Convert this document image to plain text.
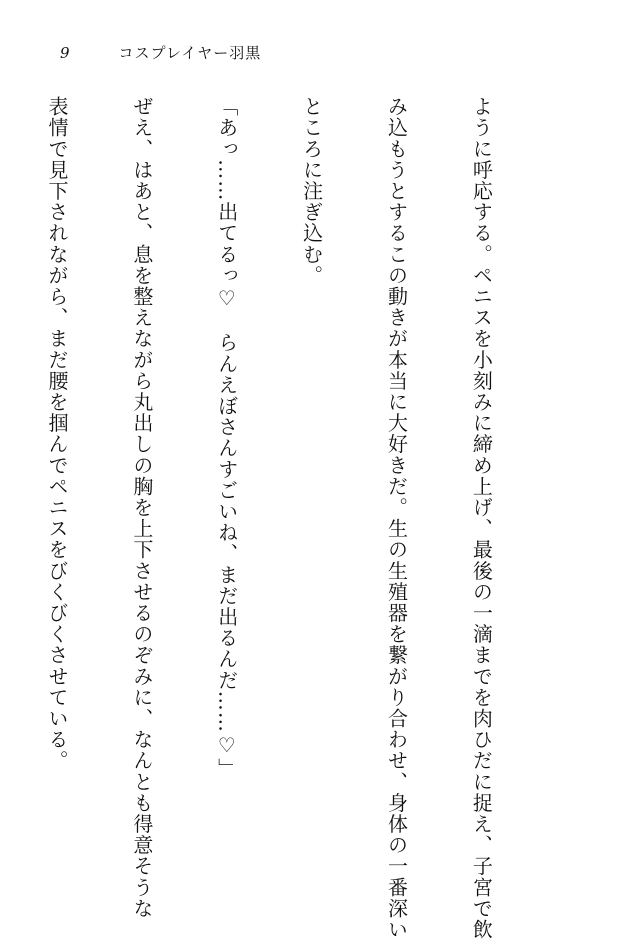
9	コスプレイヤー羽黒

ように呼応する。ペニスを小刻みに締め上げ、最後の一滴までを肉ひだに捉え、子宮で飲

み込もうとするこの動きが本当に大好きだ。生の生殖器を繋がり合わせ、身体の一番深い

ところに注ぎ込む。

「あっ……出てるっ♡　らんえぼさんすごいね、まだ出るんだ……♡」

ぜえ、はあと、息を整えながら丸出しの胸を上下させるのぞみに、なんとも得意そうな

表情で見下されながら、まだ腰を掴んでペニスをびくびくさせている。
